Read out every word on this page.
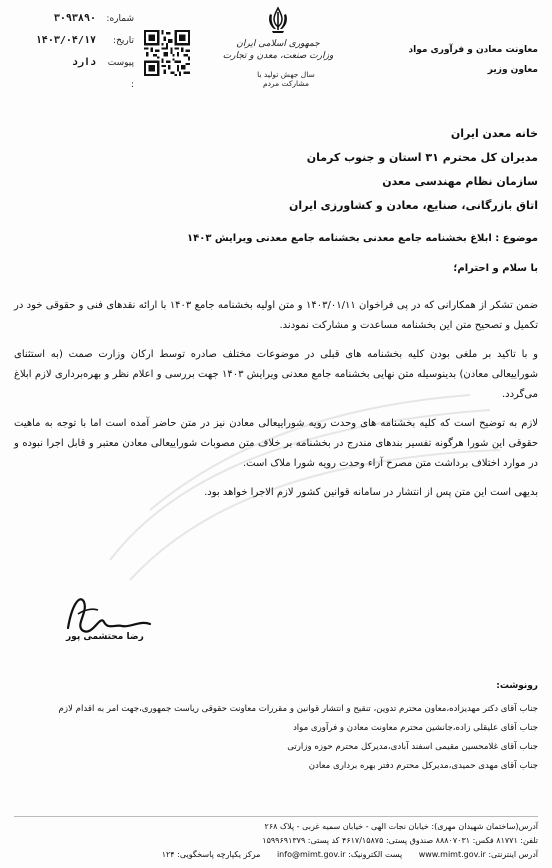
معاونت معادن و فرآوری مواد
معاون وزیر
جمهوری اسلامی ایران
وزارت صنعت، معدن و تجارت
سال جهش تولید با مشارکت مردم
شماره:
۳۰۹۳۸۹۰
تاریخ:
۱۴۰۳/۰۴/۱۷
پیوست :
دارد
خانه معدن ایران
مدیران کل محترم ۳۱ استان و جنوب کرمان
سازمان نظام مهندسی معدن
اتاق بازرگانی، صنایع، معادن و کشاورزی ایران
موضوع : ابلاغ بخشنامه جامع معدنی بخشنامه جامع معدنی ویرایش ۱۴۰۳
با سلام و احترام؛

ضمن تشکر از همکارانی که در پی فراخوان ۱۴۰۳/۰۱/۱۱ و متن اولیه بخشنامه جامع ۱۴۰۳ با ارائه نقدهای فنی و حقوقی خود در تکمیل و تصحیح متن این بخشنامه مساعدت و مشارکت نمودند.

و با تاکید بر ملغی بودن کلیه بخشنامه های قبلی در موضوعات مختلف صادره توسط ارکان وزارت صمت (به استثنای شوراییعالی معادن) بدینوسیله متن نهایی بخشنامه جامع معدنی ویرایش ۱۴۰۳ جهت بررسی و اعلام نظر و بهره‌برداری لازم ابلاغ می‌گردد.

لازم به توضیح است که کلیه بخشنامه های وحدت رویه شوراییعالی معادن نیز در متن حاضر آمده است اما با توجه به ماهیت حقوقی این شورا هرگونه تفسیر بندهای مندرج در بخشنامه بر خلاف متن مصوبات شوراییعالی معادن معتبر و قابل اجرا نبوده و در موارد اختلاف برداشت متن مصرح آراء وحدت رویه شورا ملاک است.

بدیهی است این متن پس از انتشار در سامانه قوانین کشور لازم الاجرا خواهد بود.

رضا محتشمی پور
رونوشت:
جناب آقای دکتر مهدیزاده،معاون محترم تدوین، تنقیح و انتشار قوانین و مقررات معاونت حقوقی ریاست جمهوری،جهت امر به اقدام لازم
جناب آقای علیقلی زاده،جانشین محترم معاونت معادن و فرآوری مواد
جناب آقای غلامحسین مقیمی اسفند آبادی،مدیرکل محترم حوزه وزارتی
جناب آقای مهدی حمیدی،مدیرکل محترم دفتر بهره برداری معادن
آدرس(ساختمان شهیدان مهری): خیابان نجات الهی - خیابان سمیه غربی - پلاک ۲۶۸
تلفن: ۸۱۷۷۱ فکس: ۸۸۸۰۷۰۳۱ صندوق پستی: ۴۶۱۷/۱۵۸۷۵ کد پستی: ۱۵۹۹۶۹۱۳۷۹
آدرس اینترنتی: www.mimt.gov.ir پست الکترونیک: info@mimt.gov.ir مرکز یکپارچه پاسخگویی: ۱۲۴
